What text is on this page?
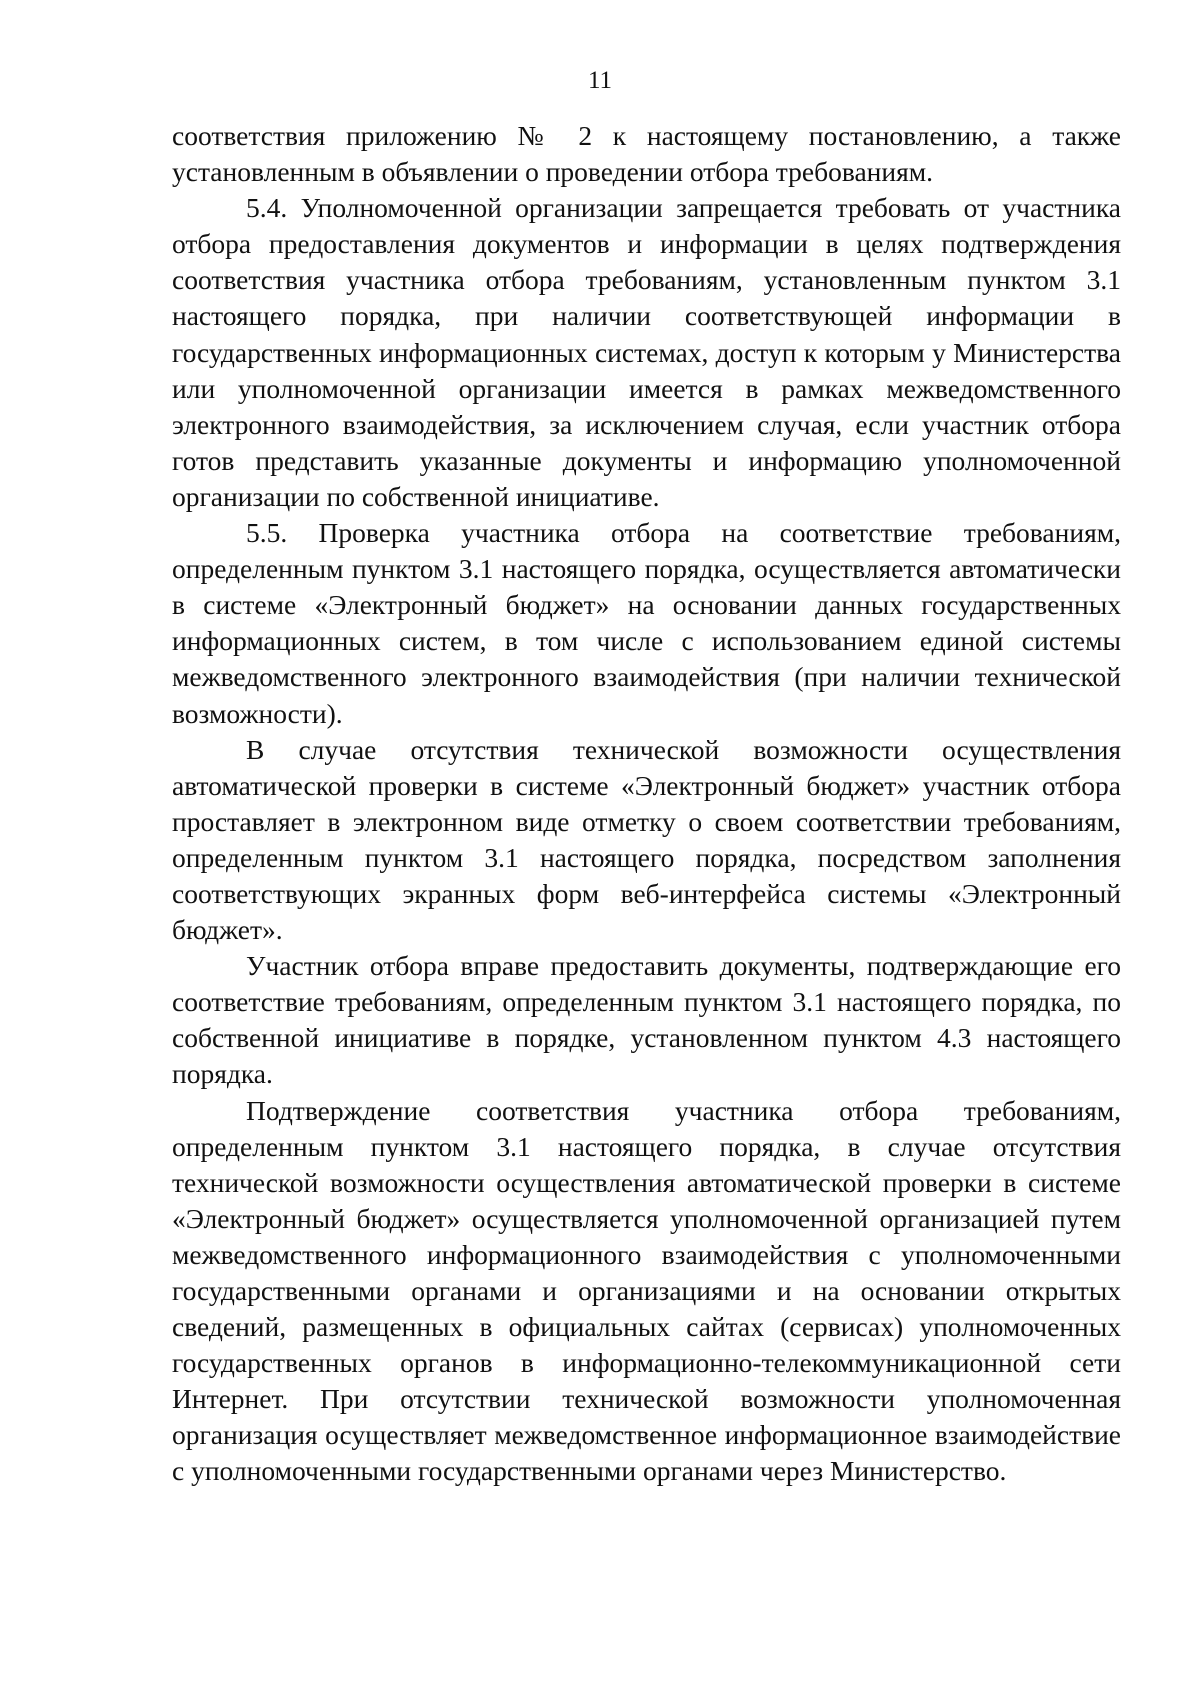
11

соответствия приложению № 2 к настоящему постановлению, а также установленным в объявлении о проведении отбора требованиям.

5.4. Уполномоченной организации запрещается требовать от участника отбора предоставления документов и информации в целях подтверждения соответствия участника отбора требованиям, установленным пунктом 3.1 настоящего порядка, при наличии соответствующей информации в государственных информационных системах, доступ к которым у Министерства или уполномоченной организации имеется в рамках межведомственного электронного взаимодействия, за исключением случая, если участник отбора готов представить указанные документы и информацию уполномоченной организации по собственной инициативе.

5.5. Проверка участника отбора на соответствие требованиям, определенным пунктом 3.1 настоящего порядка, осуществляется автоматически в системе «Электронный бюджет» на основании данных государственных информационных систем, в том числе с использованием единой системы межведомственного электронного взаимодействия (при наличии технической возможности).

В случае отсутствия технической возможности осуществления автоматической проверки в системе «Электронный бюджет» участник отбора проставляет в электронном виде отметку о своем соответствии требованиям, определенным пунктом 3.1 настоящего порядка, посредством заполнения соответствующих экранных форм веб-интерфейса системы «Электронный бюджет».

Участник отбора вправе предоставить документы, подтверждающие его соответствие требованиям, определенным пунктом 3.1 настоящего порядка, по собственной инициативе в порядке, установленном пунктом 4.3 настоящего порядка.

Подтверждение соответствия участника отбора требованиям, определенным пунктом 3.1 настоящего порядка, в случае отсутствия технической возможности осуществления автоматической проверки в системе «Электронный бюджет» осуществляется уполномоченной организацией путем межведомственного информационного взаимодействия с уполномоченными государственными органами и организациями и на основании открытых сведений, размещенных в официальных сайтах (сервисах) уполномоченных государственных органов в информационно-телекоммуникационной сети Интернет. При отсутствии технической возможности уполномоченная организация осуществляет межведомственное информационное взаимодействие с уполномоченными государственными органами через Министерство.
